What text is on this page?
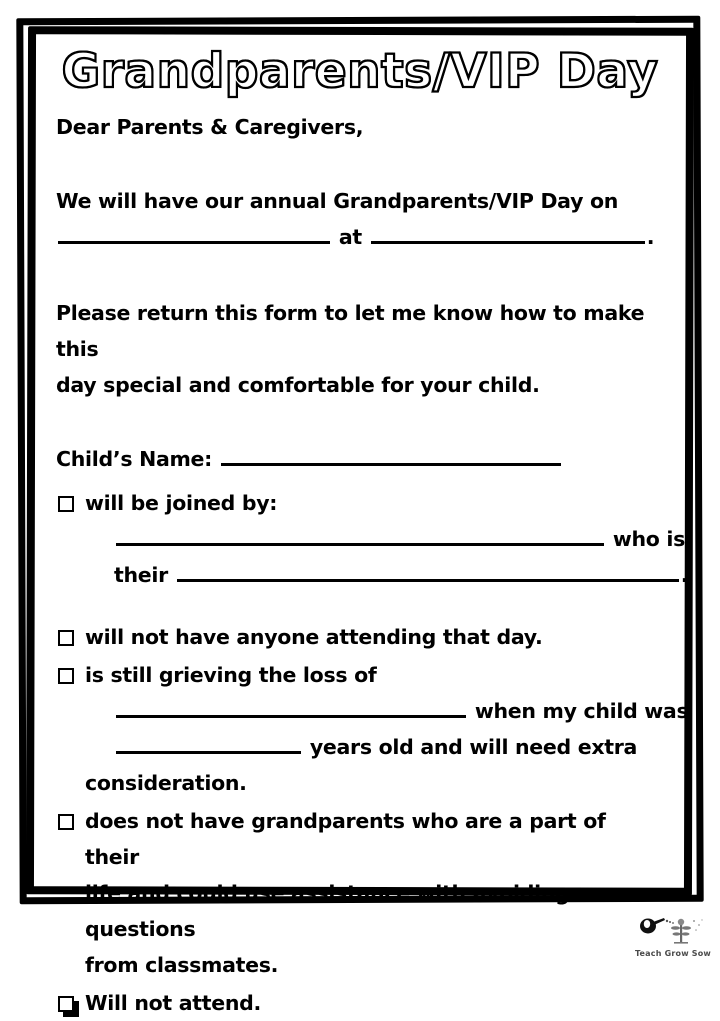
Grandparents/VIP Day

Dear Parents & Caregivers,

We will have our annual Grandparents/VIP Day on

at	.

Please return this form to let me know how to make this

day special and comfortable for your child.

Child’s Name:

will be joined by:
who is
their	.
will not have anyone attending that day.
is still grieving the loss of
when my child was
years old and will need extra
consideration.
does not have grandparents who are a part of their
life and could use assistance with avoiding questions
from classmates.
Will not attend.
Teach Grow Sow
